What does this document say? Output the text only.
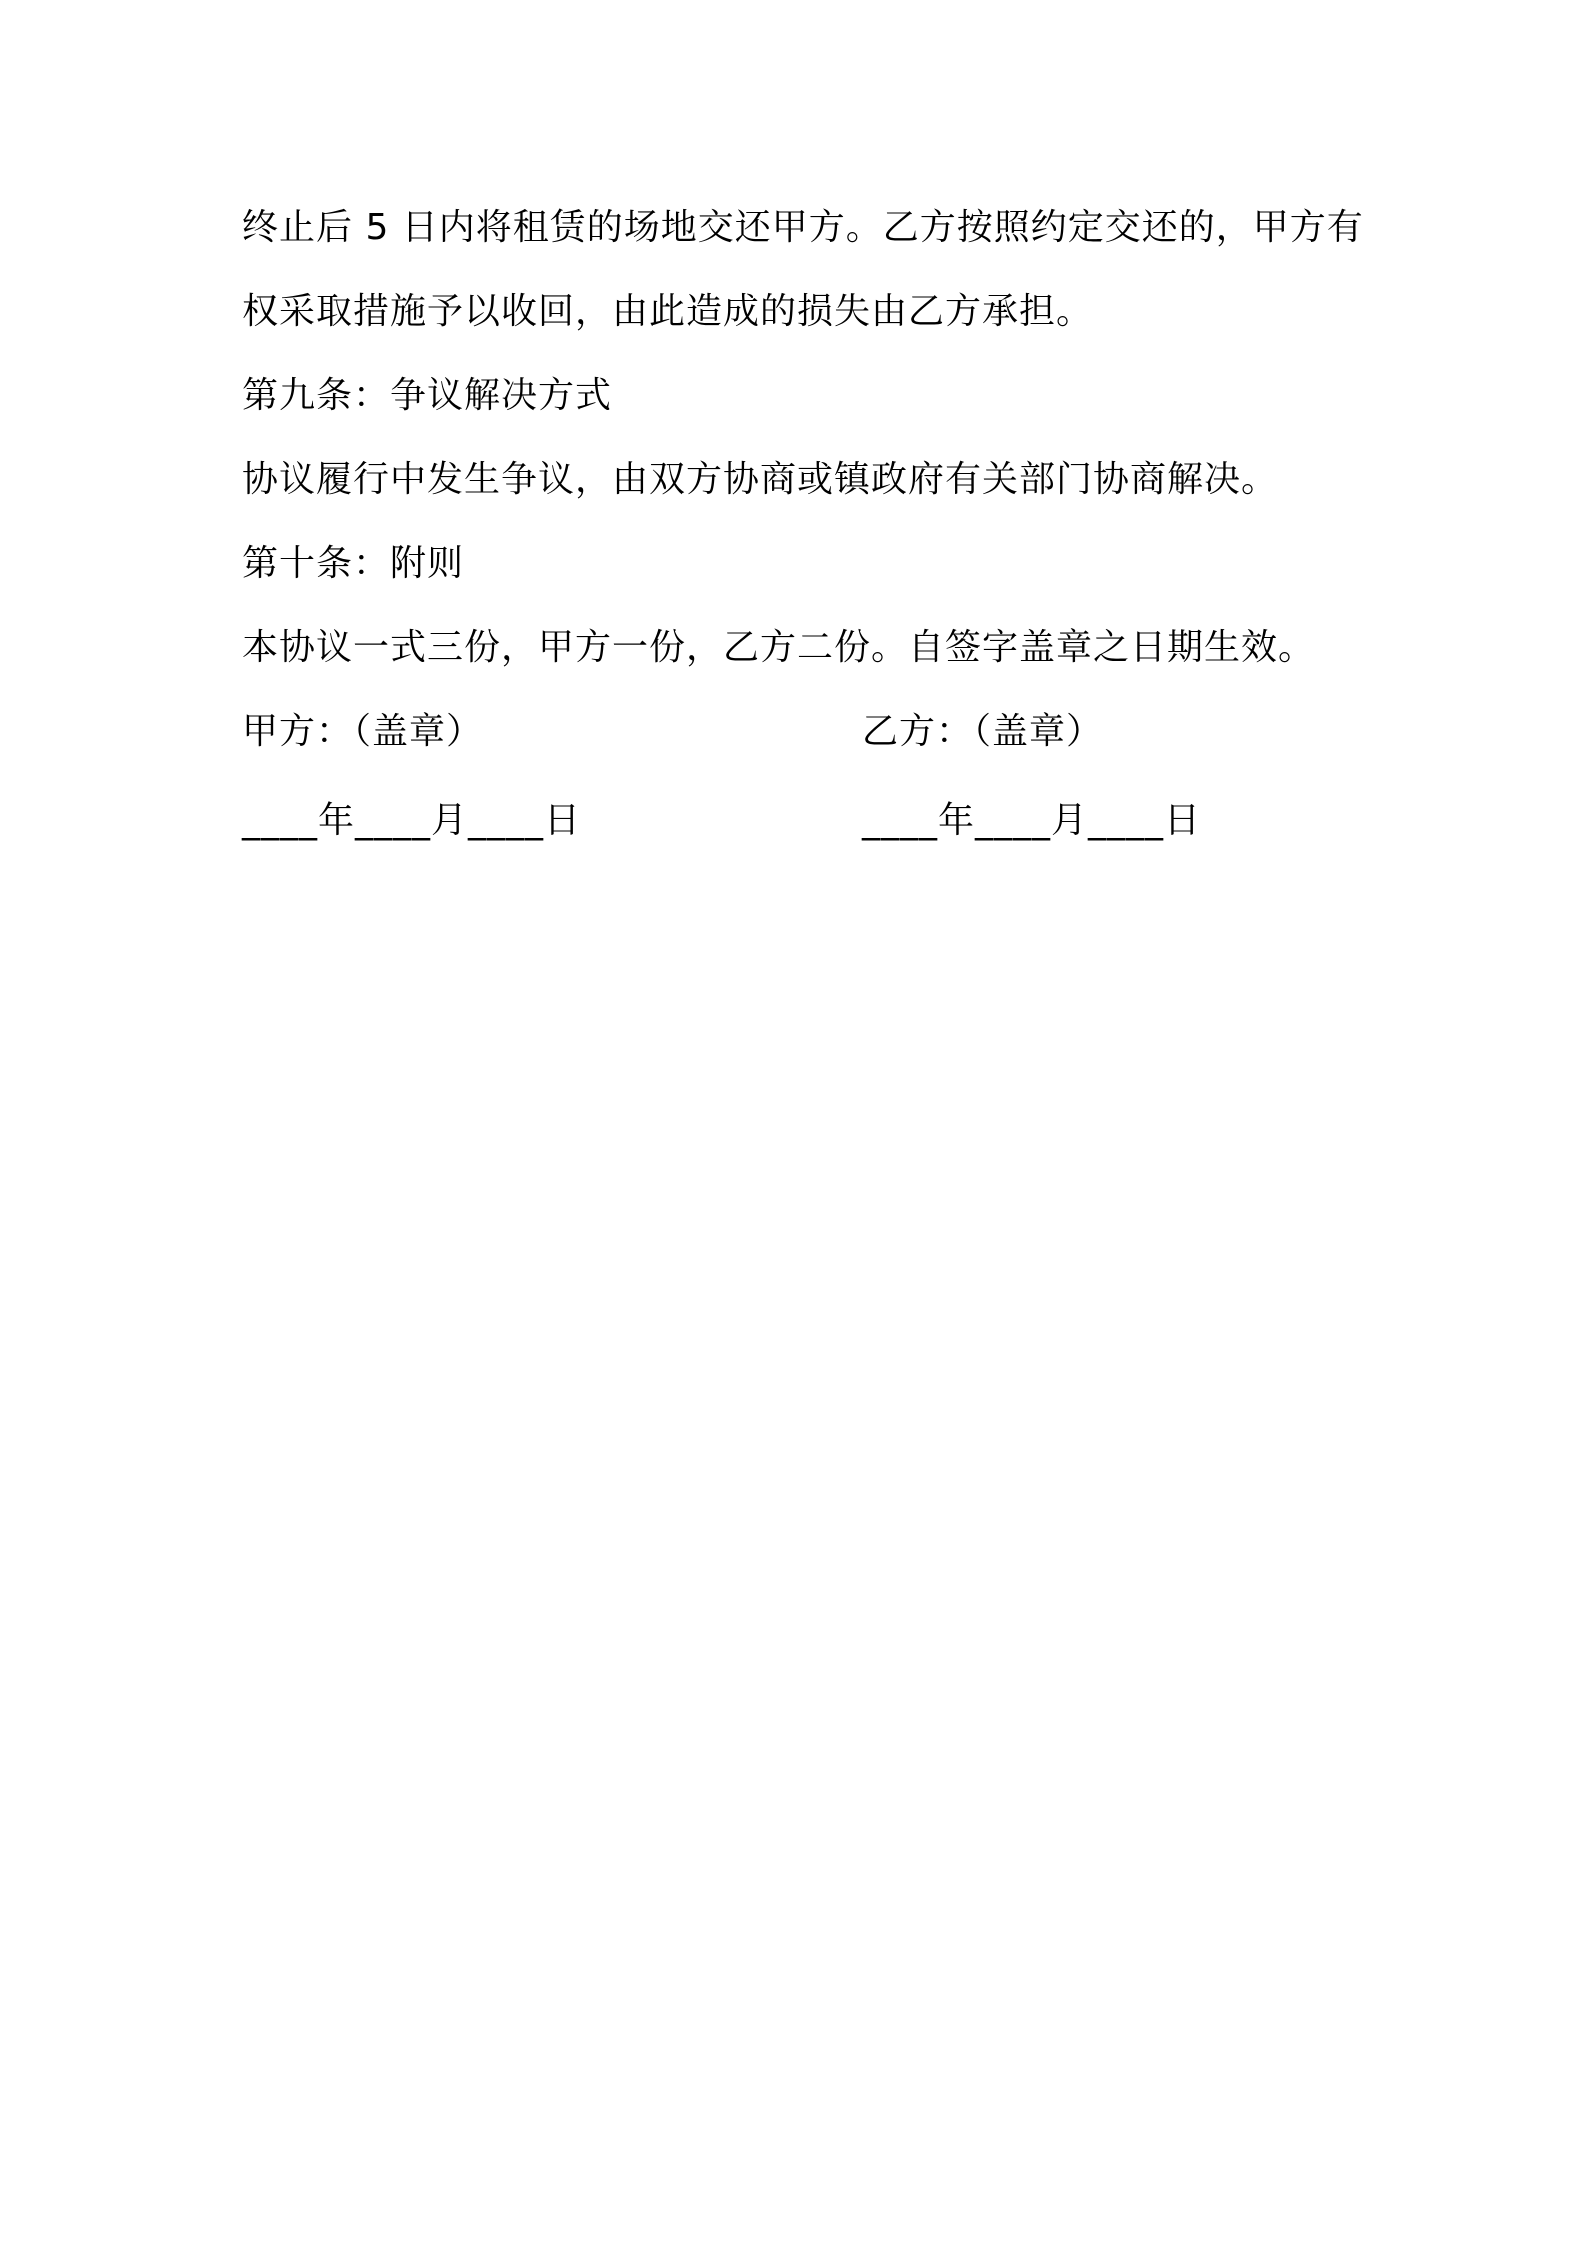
终止后 5 日内将租赁的场地交还甲方。乙方按照约定交还的，甲方有
权采取措施予以收回，由此造成的损失由乙方承担。
第九条：争议解决方式
协议履行中发生争议，由双方协商或镇政府有关部门协商解决。
第十条：附则
本协议一式三份，甲方一份，乙方二份。自签字盖章之日期生效。
甲方：（盖章）	乙方：（盖章）
____年____月____日	____年____月____日
